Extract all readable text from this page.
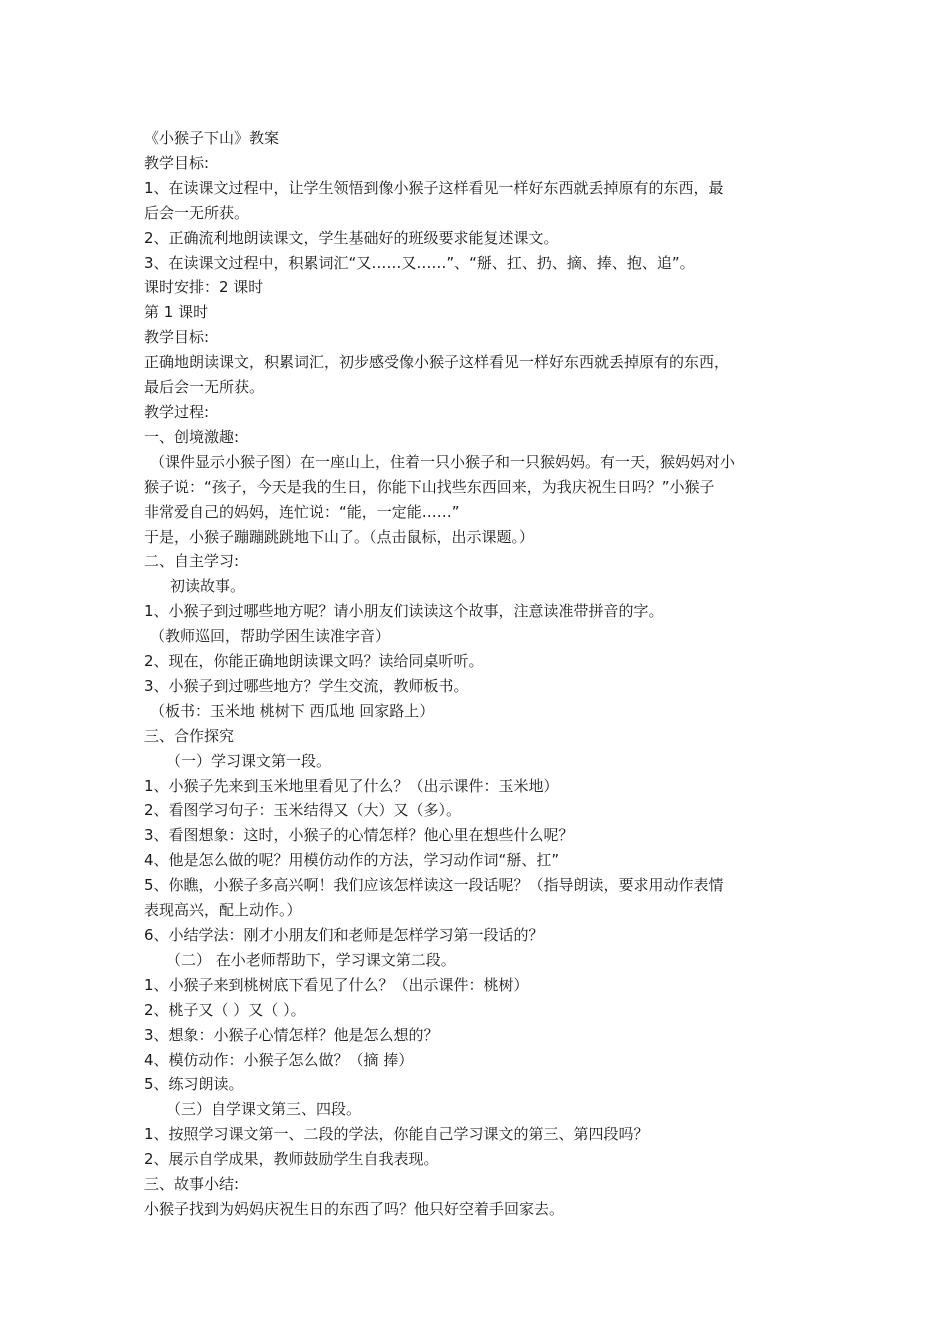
《小猴子下山》教案
教学目标:
1、在读课文过程中，让学生领悟到像小猴子这样看见一样好东西就丢掉原有的东西，最
后会一无所获。
2、正确流利地朗读课文，学生基础好的班级要求能复述课文。
3、在读课文过程中，积累词汇“又……又……”、“掰、扛、扔、摘、捧、抱、追”。
课时安排：2 课时
第 1 课时
教学目标:
正确地朗读课文，积累词汇，初步感受像小猴子这样看见一样好东西就丢掉原有的东西，
最后会一无所获。
教学过程:
一、创境激趣:
（课件显示小猴子图）在一座山上，住着一只小猴子和一只猴妈妈。有一天，猴妈妈对小
猴子说：“孩子，今天是我的生日，你能下山找些东西回来，为我庆祝生日吗？”小猴子
非常爱自己的妈妈，连忙说：“能，一定能……”
于是，小猴子蹦蹦跳跳地下山了。（点击鼠标，出示课题。）
二、自主学习:
初读故事。
1、小猴子到过哪些地方呢？请小朋友们读读这个故事，注意读准带拼音的字。
（教师巡回，帮助学困生读准字音）
2、现在，你能正确地朗读课文吗？读给同桌听听。
3、小猴子到过哪些地方？学生交流，教师板书。
（板书：玉米地 桃树下 西瓜地 回家路上）
三、合作探究
（一）学习课文第一段。
1、小猴子先来到玉米地里看见了什么？（出示课件：玉米地）
2、看图学习句子：玉米结得又（大）又（多）。
3、看图想象：这时，小猴子的心情怎样？他心里在想些什么呢？
4、他是怎么做的呢？用模仿动作的方法，学习动作词“掰、扛”
5、你瞧，小猴子多高兴啊！我们应该怎样读这一段话呢？（指导朗读，要求用动作表情
表现高兴，配上动作。）
6、小结学法：刚才小朋友们和老师是怎样学习第一段话的？
（二） 在小老师帮助下，学习课文第二段。
1、小猴子来到桃树底下看见了什么？（出示课件：桃树）
2、桃子又（ ）又（ ）。
3、想象：小猴子心情怎样？他是怎么想的？
4、模仿动作：小猴子怎么做？（摘 捧）
5、练习朗读。
（三）自学课文第三、四段。
1、按照学习课文第一、二段的学法，你能自己学习课文的第三、第四段吗？
2、展示自学成果，教师鼓励学生自我表现。
三、故事小结:
小猴子找到为妈妈庆祝生日的东西了吗？他只好空着手回家去。
